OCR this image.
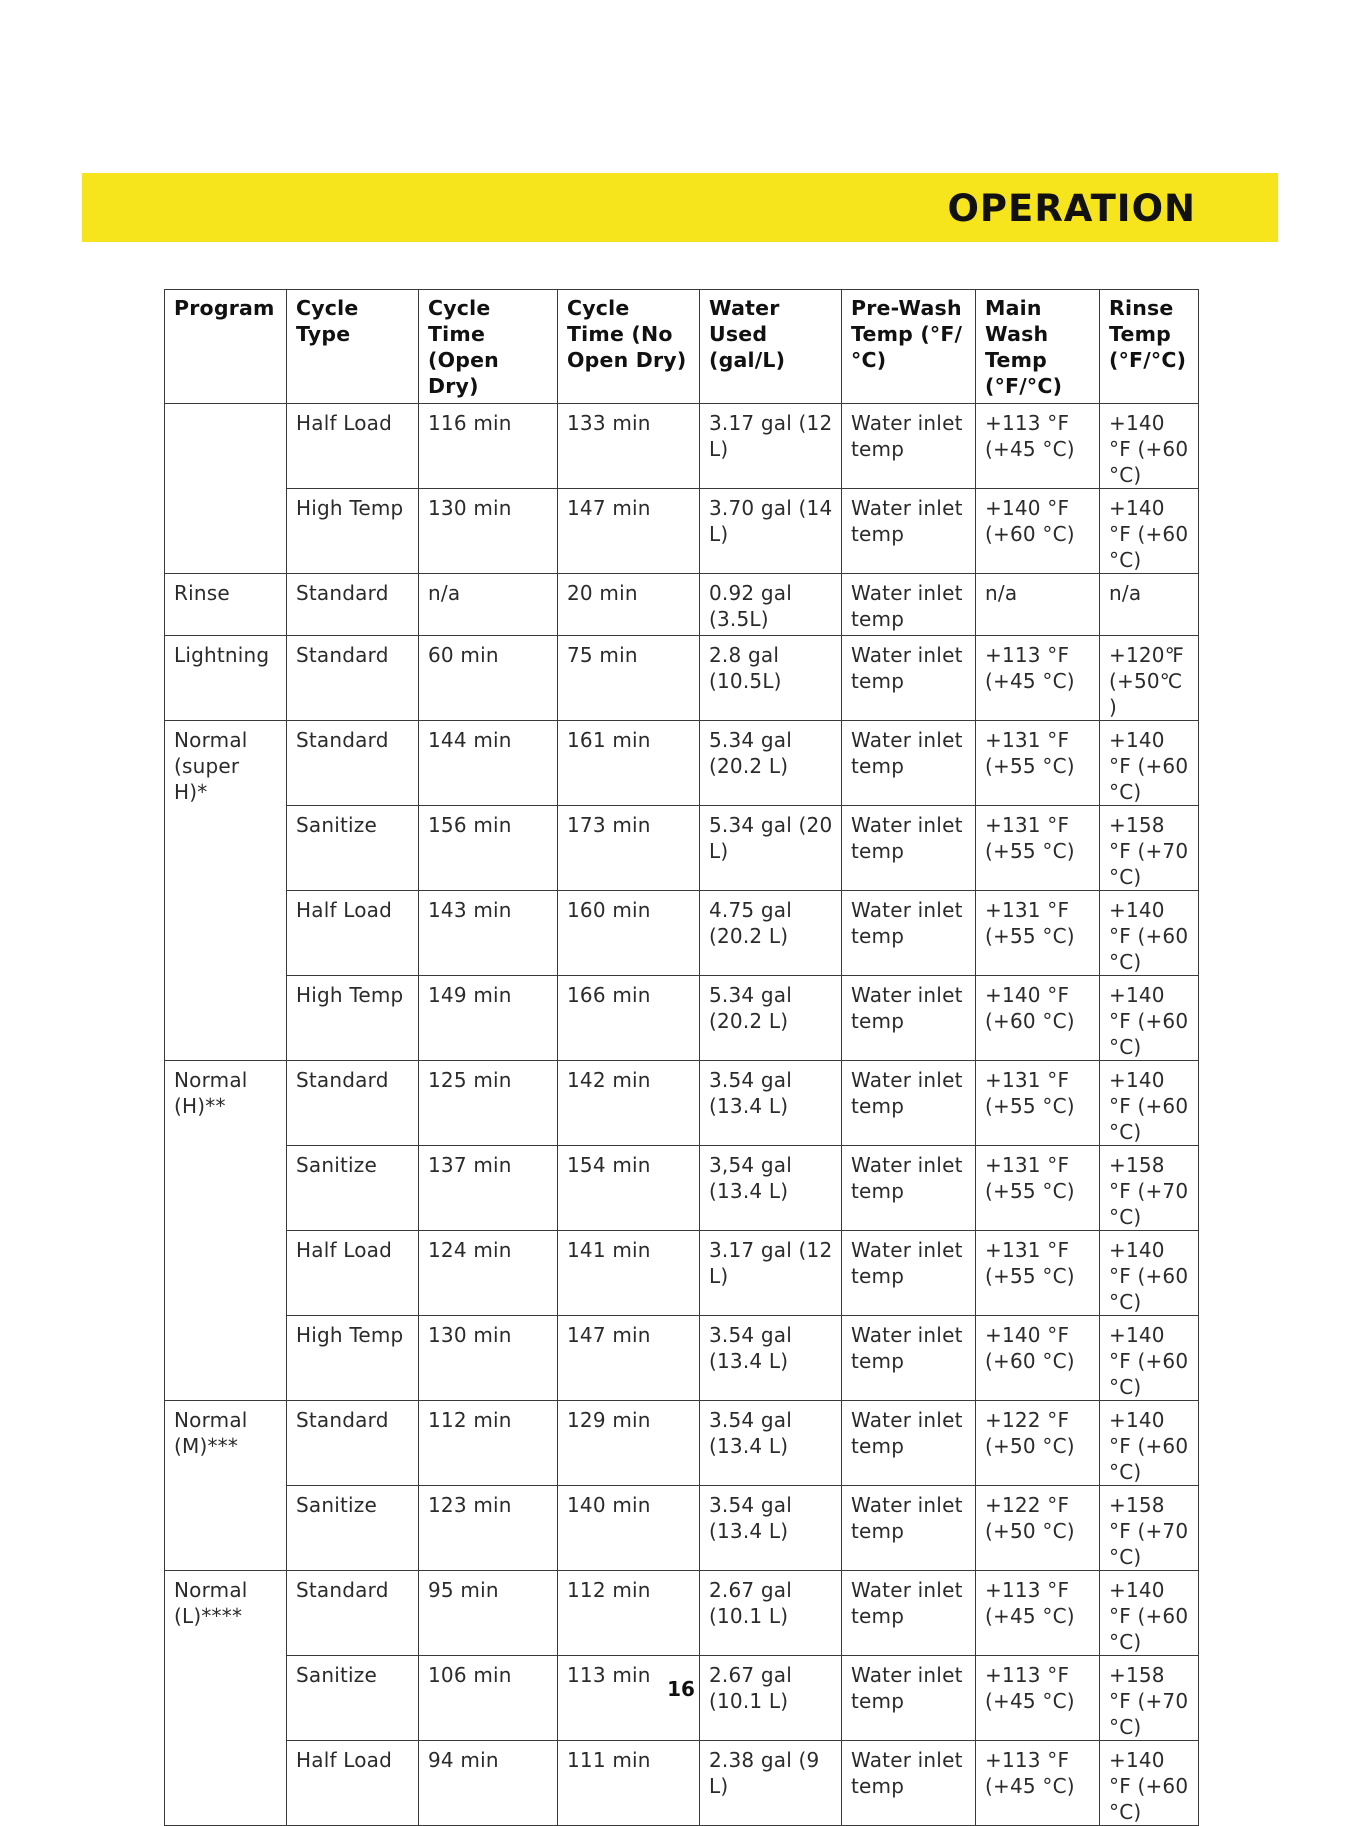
OPERATION
Program	Cycle Type	Cycle Time (Open Dry)	Cycle Time (No Open Dry)	Water Used (gal/L)	Pre-Wash Temp (°F/°C)	Main Wash Temp (°F/°C)	Rinse Temp (°F/°C)
	Half Load	116 min	133 min	3.17 gal (12 L)	Water inlet temp	+113 °F (+45 °C)	+140 °F (+60 °C)
	High Temp	130 min	147 min	3.70 gal (14 L)	Water inlet temp	+140 °F (+60 °C)	+140 °F (+60 °C)
Rinse	Standard	n/a	20 min	0.92 gal (3.5L)	Water inlet temp	n/a	n/a
Lightning	Standard	60 min	75 min	2.8 gal (10.5L)	Water inlet temp	+113 °F (+45 °C)	+120℉ (+50℃ )
Normal (super H)*	Standard	144 min	161 min	5.34 gal (20.2 L)	Water inlet temp	+131 °F (+55 °C)	+140 °F (+60 °C)
	Sanitize	156 min	173 min	5.34 gal (20 L)	Water inlet temp	+131 °F (+55 °C)	+158 °F (+70 °C)
	Half Load	143 min	160 min	4.75 gal (20.2 L)	Water inlet temp	+131 °F (+55 °C)	+140 °F (+60 °C)
	High Temp	149 min	166 min	5.34 gal (20.2 L)	Water inlet temp	+140 °F (+60 °C)	+140 °F (+60 °C)
Normal (H)**	Standard	125 min	142 min	3.54 gal (13.4 L)	Water inlet temp	+131 °F (+55 °C)	+140 °F (+60 °C)
	Sanitize	137 min	154 min	3,54 gal (13.4 L)	Water inlet temp	+131 °F (+55 °C)	+158 °F (+70 °C)
	Half Load	124 min	141 min	3.17 gal (12 L)	Water inlet temp	+131 °F (+55 °C)	+140 °F (+60 °C)
	High Temp	130 min	147 min	3.54 gal (13.4 L)	Water inlet temp	+140 °F (+60 °C)	+140 °F (+60 °C)
Normal (M)***	Standard	112 min	129 min	3.54 gal (13.4 L)	Water inlet temp	+122 °F (+50 °C)	+140 °F (+60 °C)
	Sanitize	123 min	140 min	3.54 gal (13.4 L)	Water inlet temp	+122 °F (+50 °C)	+158 °F (+70 °C)
Normal (L)****	Standard	95 min	112 min	2.67 gal (10.1 L)	Water inlet temp	+113 °F (+45 °C)	+140 °F (+60 °C)
	Sanitize	106 min	113 min	2.67 gal (10.1 L)	Water inlet temp	+113 °F (+45 °C)	+158 °F (+70 °C)
	Half Load	94 min	111 min	2.38 gal (9 L)	Water inlet temp	+113 °F (+45 °C)	+140 °F (+60 °C)

16
